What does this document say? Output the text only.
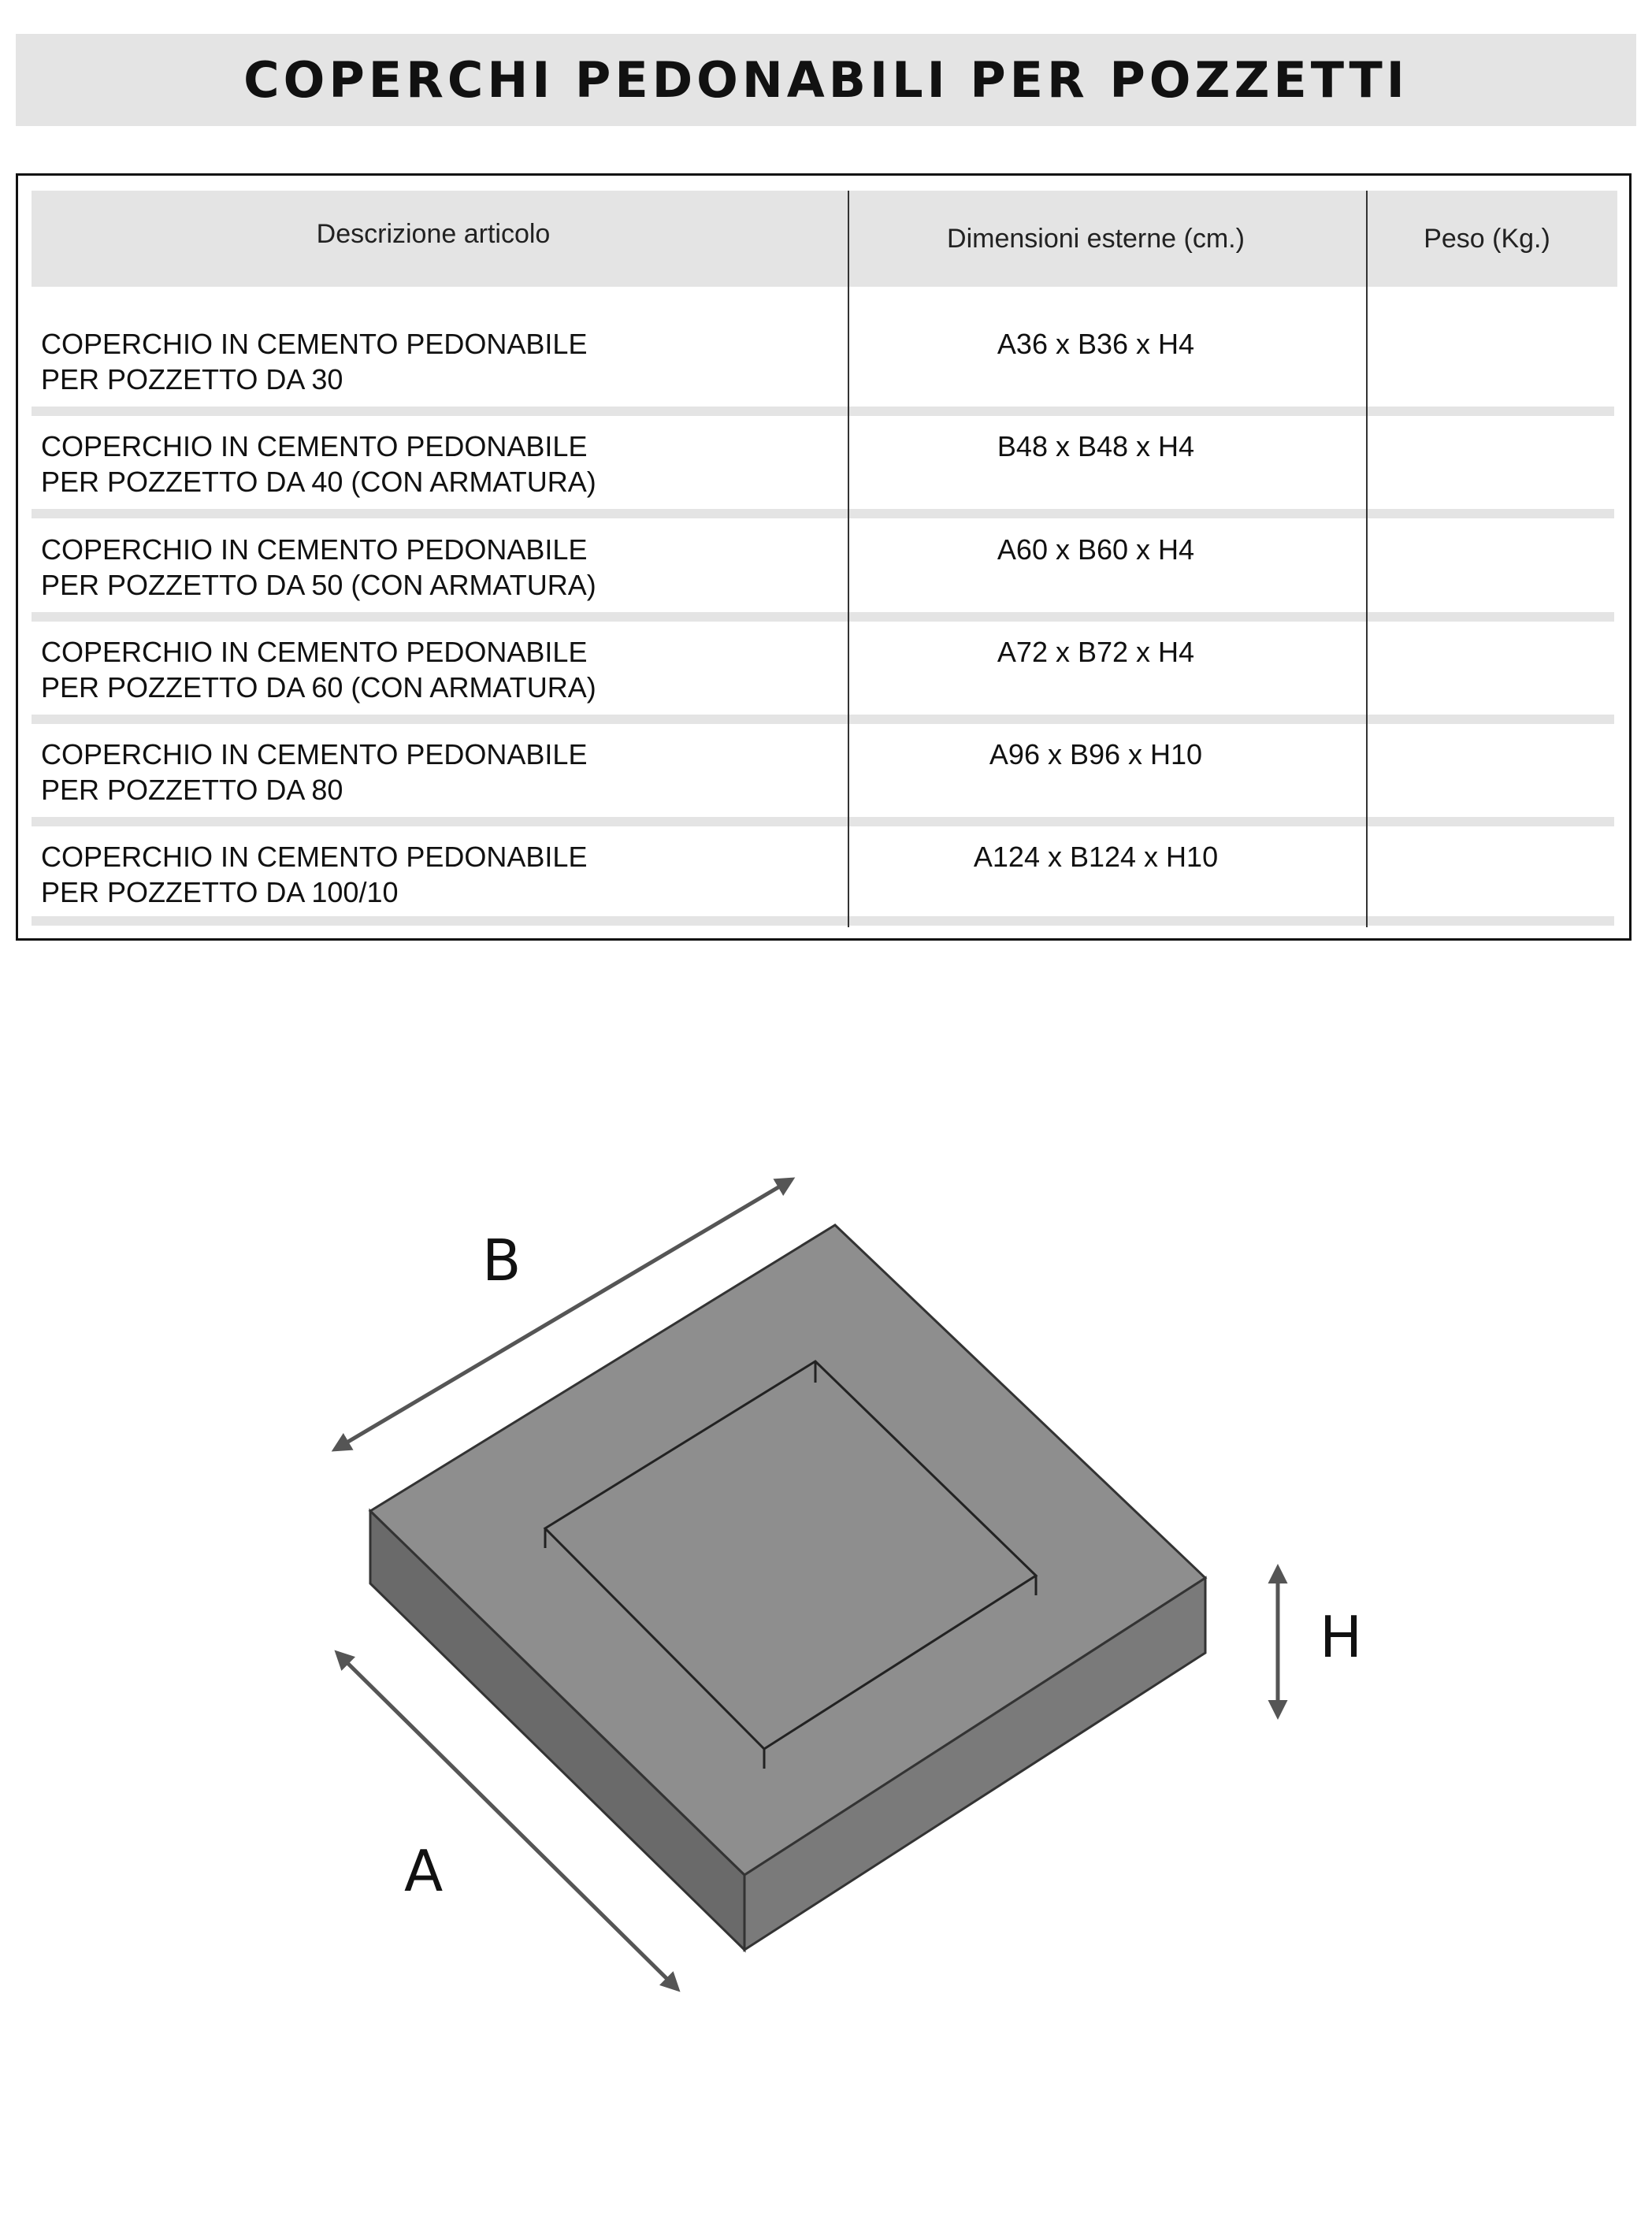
COPERCHI PEDONABILI PER POZZETTI
Descrizione articolo	Dimensioni esterne (cm.)	Peso (Kg.)
COPERCHIO IN CEMENTO PEDONABILE
PER POZZETTO DA 30
A36 x B36 x H4
COPERCHIO IN CEMENTO PEDONABILE
PER POZZETTO DA 40 (CON ARMATURA)
B48 x B48 x H4
COPERCHIO IN CEMENTO PEDONABILE
PER POZZETTO DA 50 (CON ARMATURA)
A60 x B60 x H4
COPERCHIO IN CEMENTO PEDONABILE
PER POZZETTO DA 60 (CON ARMATURA)
A72 x B72 x H4
COPERCHIO IN CEMENTO PEDONABILE
PER POZZETTO DA 80
A96 x B96 x H10
COPERCHIO IN CEMENTO PEDONABILE
PER POZZETTO DA 100/10
A124 x B124 x H10
B
A
H
